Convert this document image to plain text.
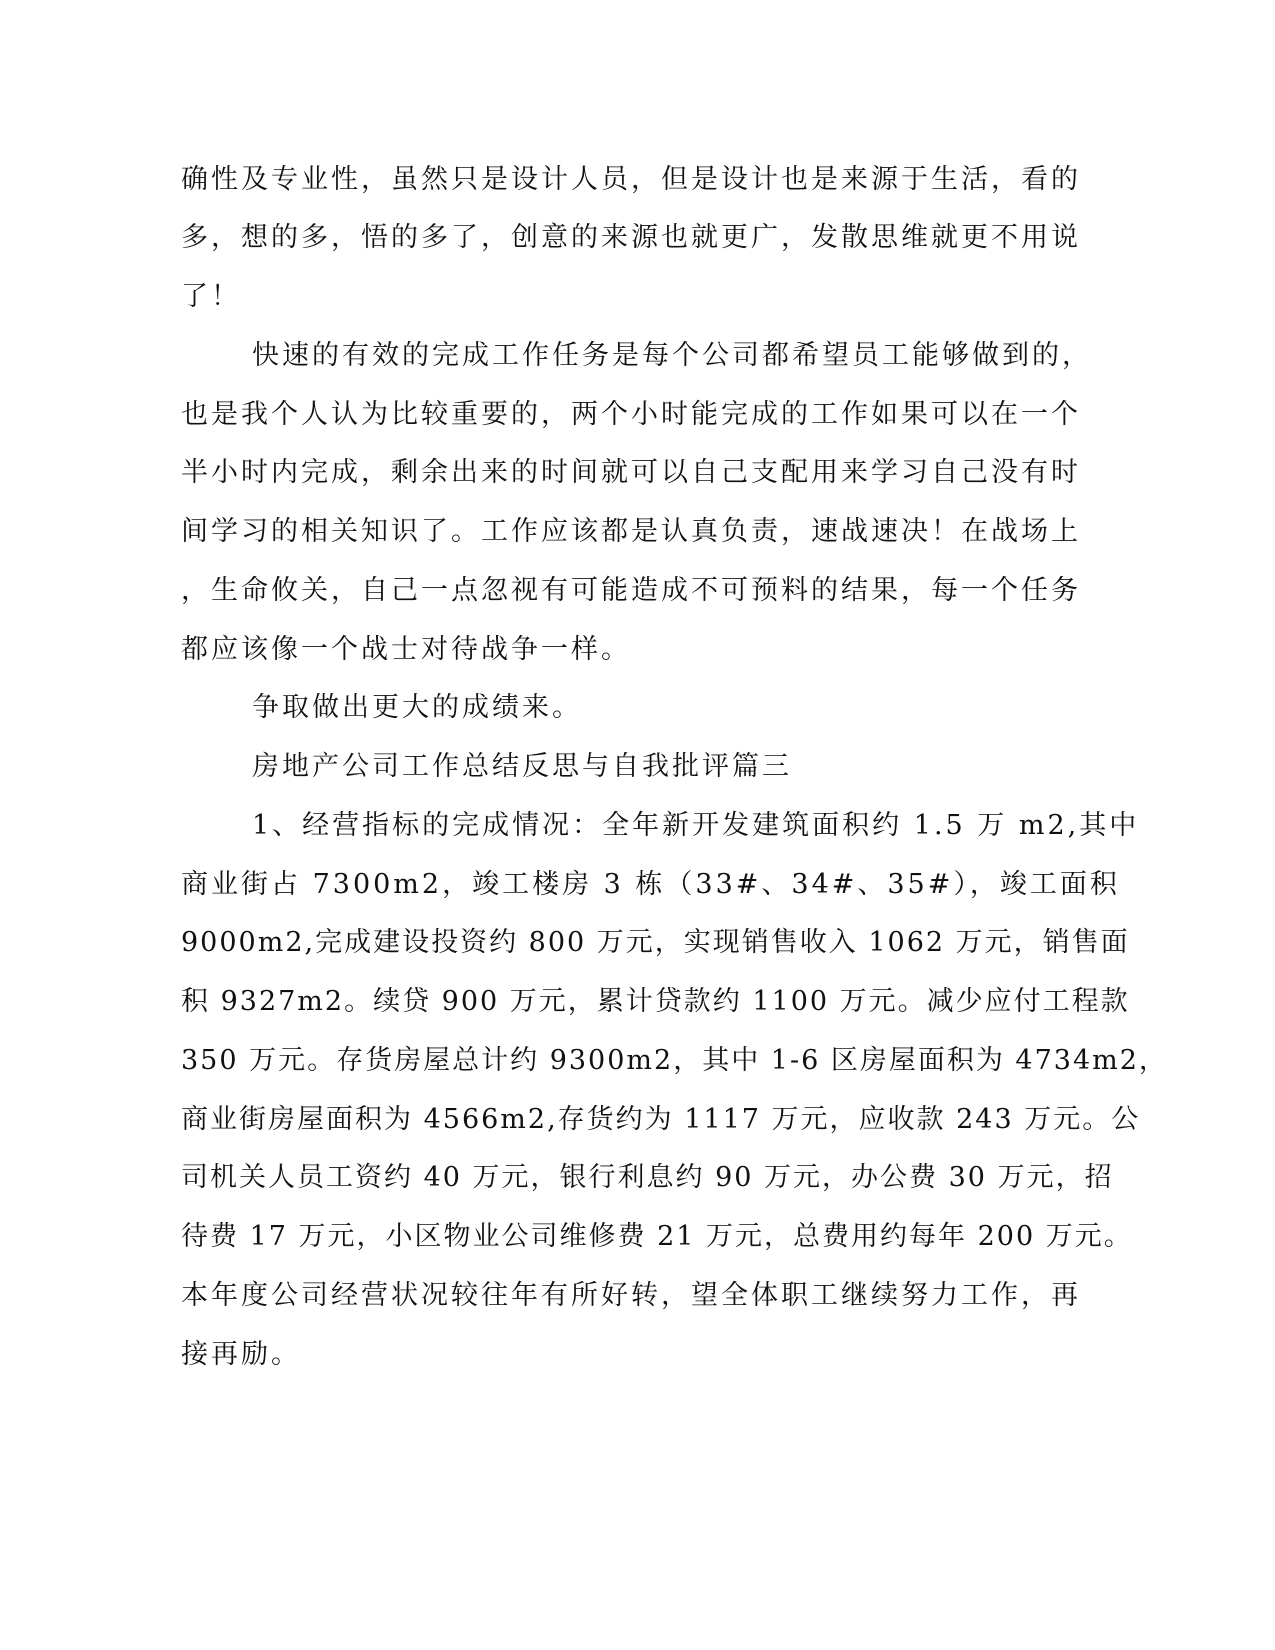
确性及专业性，虽然只是设计人员，但是设计也是来源于生活，看的
多，想的多，悟的多了，创意的来源也就更广，发散思维就更不用说
了！
快速的有效的完成工作任务是每个公司都希望员工能够做到的，
也是我个人认为比较重要的，两个小时能完成的工作如果可以在一个
半小时内完成，剩余出来的时间就可以自己支配用来学习自己没有时
间学习的相关知识了。工作应该都是认真负责，速战速决！在战场上
，生命攸关，自己一点忽视有可能造成不可预料的结果，每一个任务
都应该像一个战士对待战争一样。
争取做出更大的成绩来。
房地产公司工作总结反思与自我批评篇三
1、经营指标的完成情况：全年新开发建筑面积约 1.5 万 m2,其中
商业街占 7300m2，竣工楼房 3 栋（33#、34#、35#），竣工面积
9000m2,完成建设投资约 800 万元，实现销售收入 1062 万元，销售面
积 9327m2。续贷 900 万元，累计贷款约 1100 万元。减少应付工程款
350 万元。存货房屋总计约 9300m2，其中 1-6 区房屋面积为 4734m2，
商业街房屋面积为 4566m2,存货约为 1117 万元，应收款 243 万元。公
司机关人员工资约 40 万元，银行利息约 90 万元，办公费 30 万元，招
待费 17 万元，小区物业公司维修费 21 万元，总费用约每年 200 万元。
本年度公司经营状况较往年有所好转，望全体职工继续努力工作，再
接再励。
